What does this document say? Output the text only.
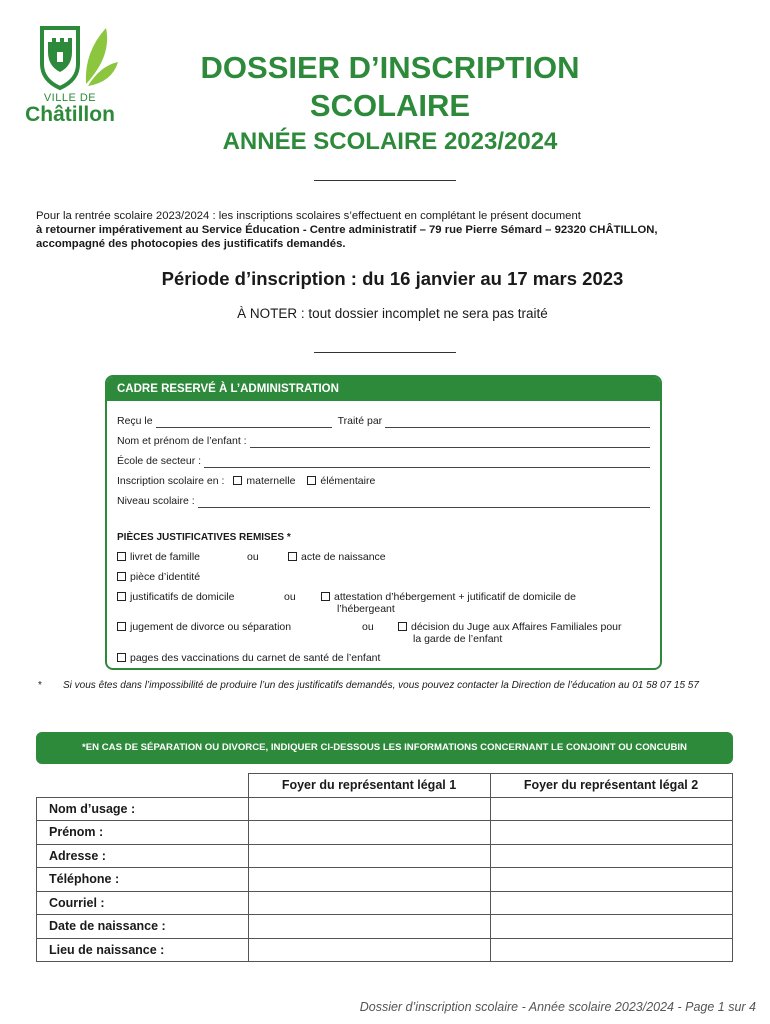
VILLE DE
Châtillon
DOSSIER D’INSCRIPTION
SCOLAIRE
ANNÉE SCOLAIRE 2023/2024
Pour la rentrée scolaire 2023/2024 : les inscriptions scolaires s’effectuent en complétant le présent document
à retourner impérativement au Service Éducation - Centre administratif – 79 rue Pierre Sémard – 92320 CHÂTILLON,
accompagné des photocopies des justificatifs demandés.
Période d’inscription : du 16 janvier au 17 mars 2023
À NOTER : tout dossier incomplet ne sera pas traité
CADRE RESERVÉ À L’ADMINISTRATION
Reçu le	Traité par
Nom et prénom de l’enfant :
École de secteur :
Inscription scolaire en :	maternelle	élémentaire
Niveau scolaire :
PIÈCES JUSTIFICATIVES REMISES *
livret de famille	ou	acte de naissance
pièce d’identité
justificatifs de domicile	ou	attestation d’hébergement + jutificatif de domicile de
l’hébergeant
jugement de divorce ou séparation	ou	décision du Juge aux Affaires Familiales pour
la garde de l’enfant
pages des vaccinations du carnet de santé de l’enfant
* Si vous êtes dans l’impossibilité de produire l’un des justificatifs demandés, vous pouvez contacter la Direction de l’éducation au 01 58 07 15 57
*EN CAS DE SÉPARATION OU DIVORCE, INDIQUER CI-DESSOUS LES INFORMATIONS CONCERNANT LE CONJOINT OU CONCUBIN
	Foyer du représentant légal 1	Foyer du représentant légal 2
Nom d’usage :		
Prénom :		
Adresse :		
Téléphone :		
Courriel :		
Date de naissance :		
Lieu de naissance :		
Dossier d’inscription scolaire - Année scolaire 2023/2024 - Page 1 sur 4
